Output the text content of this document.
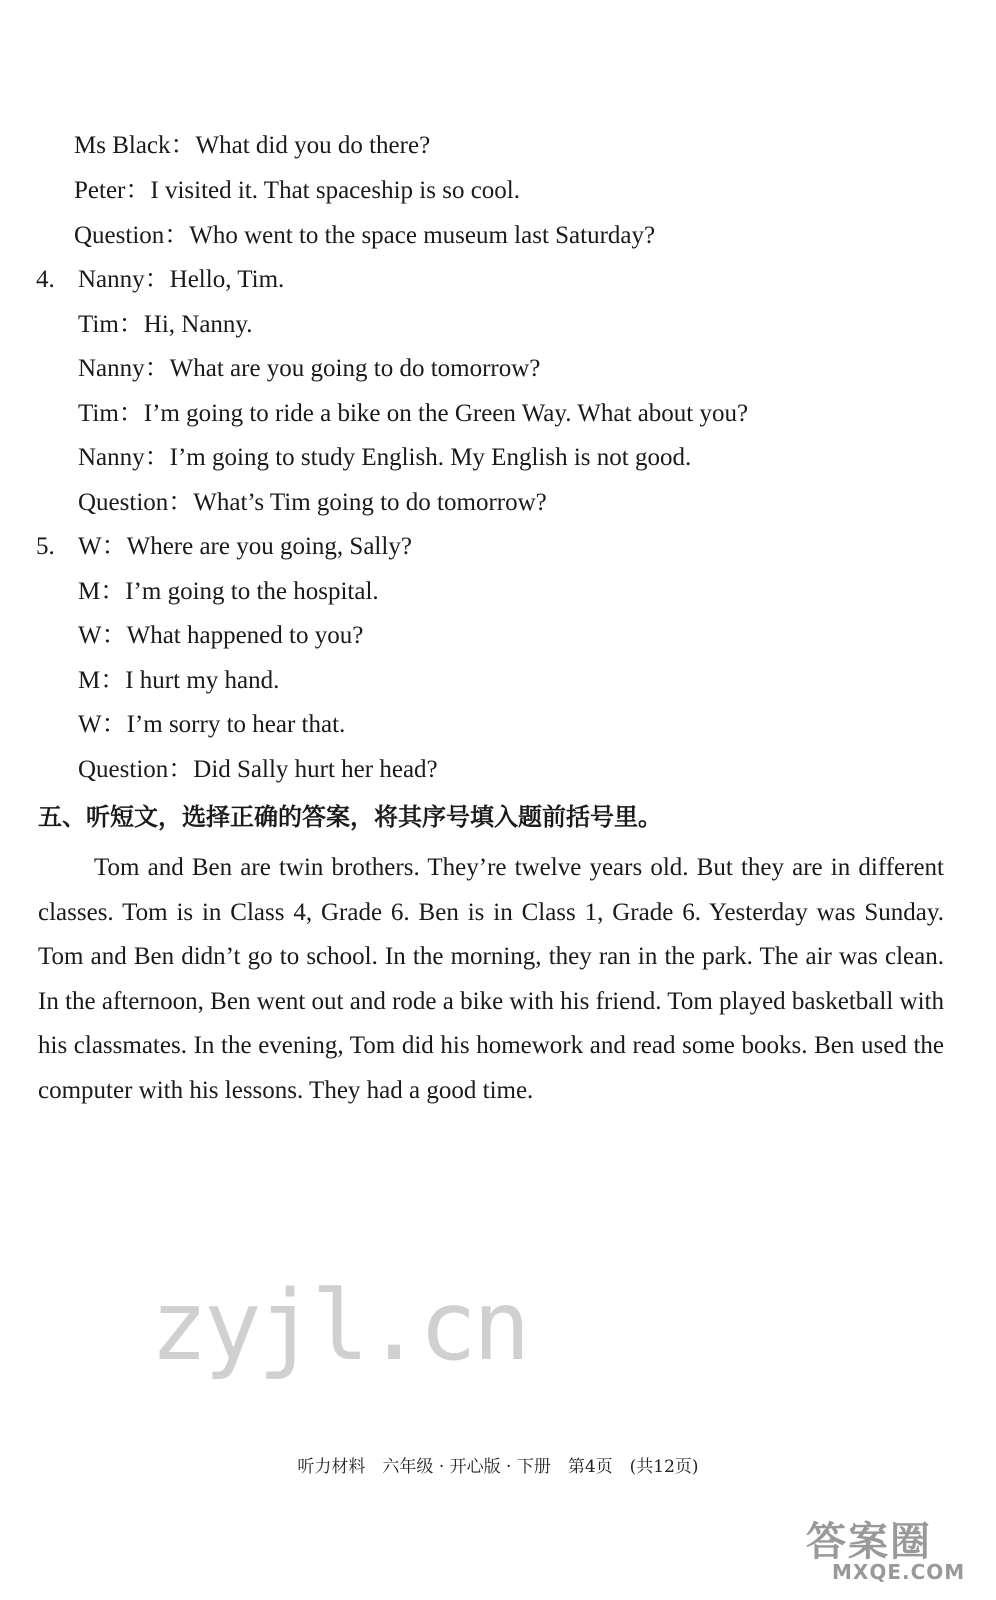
Ms Black：What did you do there?
Peter：I visited it. That spaceship is so cool.
Question：Who went to the space museum last Saturday?
4. Nanny：Hello, Tim.
Tim：Hi, Nanny.
Nanny：What are you going to do tomorrow?
Tim：I’m going to ride a bike on the Green Way. What about you?
Nanny：I’m going to study English. My English is not good.
Question：What’s Tim going to do tomorrow?
5. W：Where are you going, Sally?
M：I’m going to the hospital.
W：What happened to you?
M：I hurt my hand.
W：I’m sorry to hear that.
Question：Did Sally hurt her head?
五、听短文，选择正确的答案，将其序号填入题前括号里。
Tom and Ben are twin brothers. They’re twelve years old. But they are in different classes. Tom is in Class 4, Grade 6. Ben is in Class 1, Grade 6. Yesterday was Sunday. Tom and Ben didn’t go to school. In the morning, they ran in the park. The air was clean. In the afternoon, Ben went out and rode a bike with his friend. Tom played basketball with his classmates. In the evening, Tom did his homework and read some books. Ben used the computer with his lessons. They had a good time.
zyjl.cn
听力材料　六年级 · 开心版 · 下册　第4页　(共12页)
答案圈
MXQE.COM
